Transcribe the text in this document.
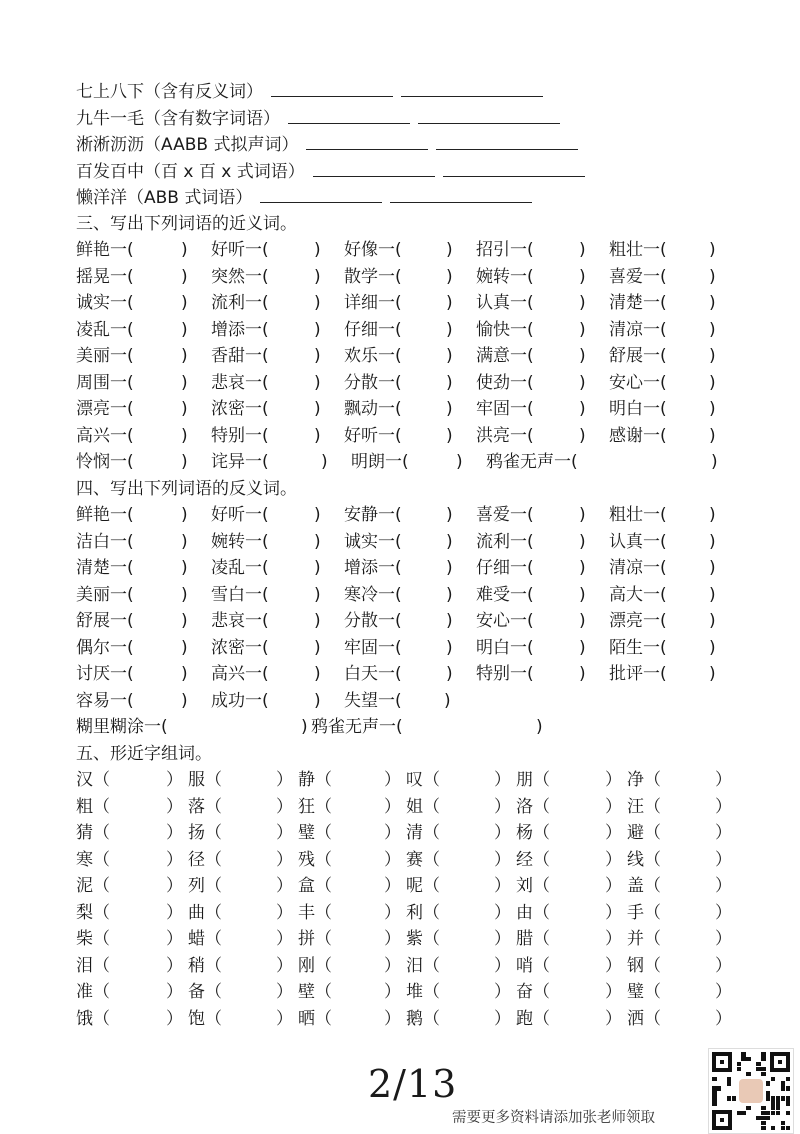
七上八下（含有反义词）
九牛一毛（含有数字词语）
淅淅沥沥（AABB 式拟声词）
百发百中（百 x 百 x 式词语）
懒洋洋（ABB 式词语）
三、写出下列词语的近义词。
鲜艳一(	) 好听一(	) 好像一(	) 招引一(	) 粗壮一( )
摇晃一(	) 突然一(	) 散学一(	) 婉转一(	) 喜爱一( )
诚实一(	) 流利一(	) 详细一(	) 认真一(	) 清楚一( )
凌乱一(	) 增添一(	) 仔细一(	) 愉快一(	) 清凉一( )
美丽一(	) 香甜一(	) 欢乐一(	) 满意一(	) 舒展一( )
周围一(	) 悲哀一(	) 分散一(	) 使劲一(	) 安心一( )
漂亮一(	) 浓密一(	) 飘动一(	) 牢固一(	) 明白一( )
高兴一(	) 特别一(	) 好听一(	) 洪亮一(	) 感谢一( )
怜悯一(	) 诧异一(	) 明朗一(	) 鸦雀无声一(	)
四、写出下列词语的反义词。
鲜艳一(	) 好听一(	) 安静一(	) 喜爱一(	) 粗壮一( )
洁白一(	) 婉转一(	) 诚实一(	) 流利一(	) 认真一( )
清楚一(	) 凌乱一(	) 增添一(	) 仔细一(	) 清凉一( )
美丽一(	) 雪白一(	) 寒冷一(	) 难受一(	) 高大一( )
舒展一(	) 悲哀一(	) 分散一(	) 安心一(	) 漂亮一( )
偶尔一(	) 浓密一(	) 牢固一(	) 明白一(	) 陌生一( )
讨厌一(	) 高兴一(	) 白天一(	) 特别一(	) 批评一( )
容易一(	) 成功一(	) 失望一( )
糊里糊涂一(	) 鸦雀无声一(	)
五、形近字组词。
汉（	） 服（	） 静（	） 叹（	） 朋（	） 净（	）
粗（	） 落（	） 狂（	） 姐（	） 洛（	） 汪（	）
猜（	） 扬（	） 璧（	） 清（	） 杨（	） 避（	）
寒（	） 径（	） 残（	） 赛（	） 经（	） 线（	）
泥（	） 列（	） 盒（	） 呢（	） 刘（	） 盖（	）
梨（	） 曲（	） 丰（	） 利（	） 由（	） 手（	）
柴（	） 蜡（	） 拼（	） 紫（	） 腊（	） 并（	）
泪（	） 稍（	） 刚（	） 汨（	） 哨（	） 钢（	）
准（	） 备（	） 壁（	） 堆（	） 奋（	） 璧（	）
饿（	） 饱（	） 晒（	） 鹅（	） 跑（	） 洒（	）
2/13
需要更多资料请添加张老师领取
